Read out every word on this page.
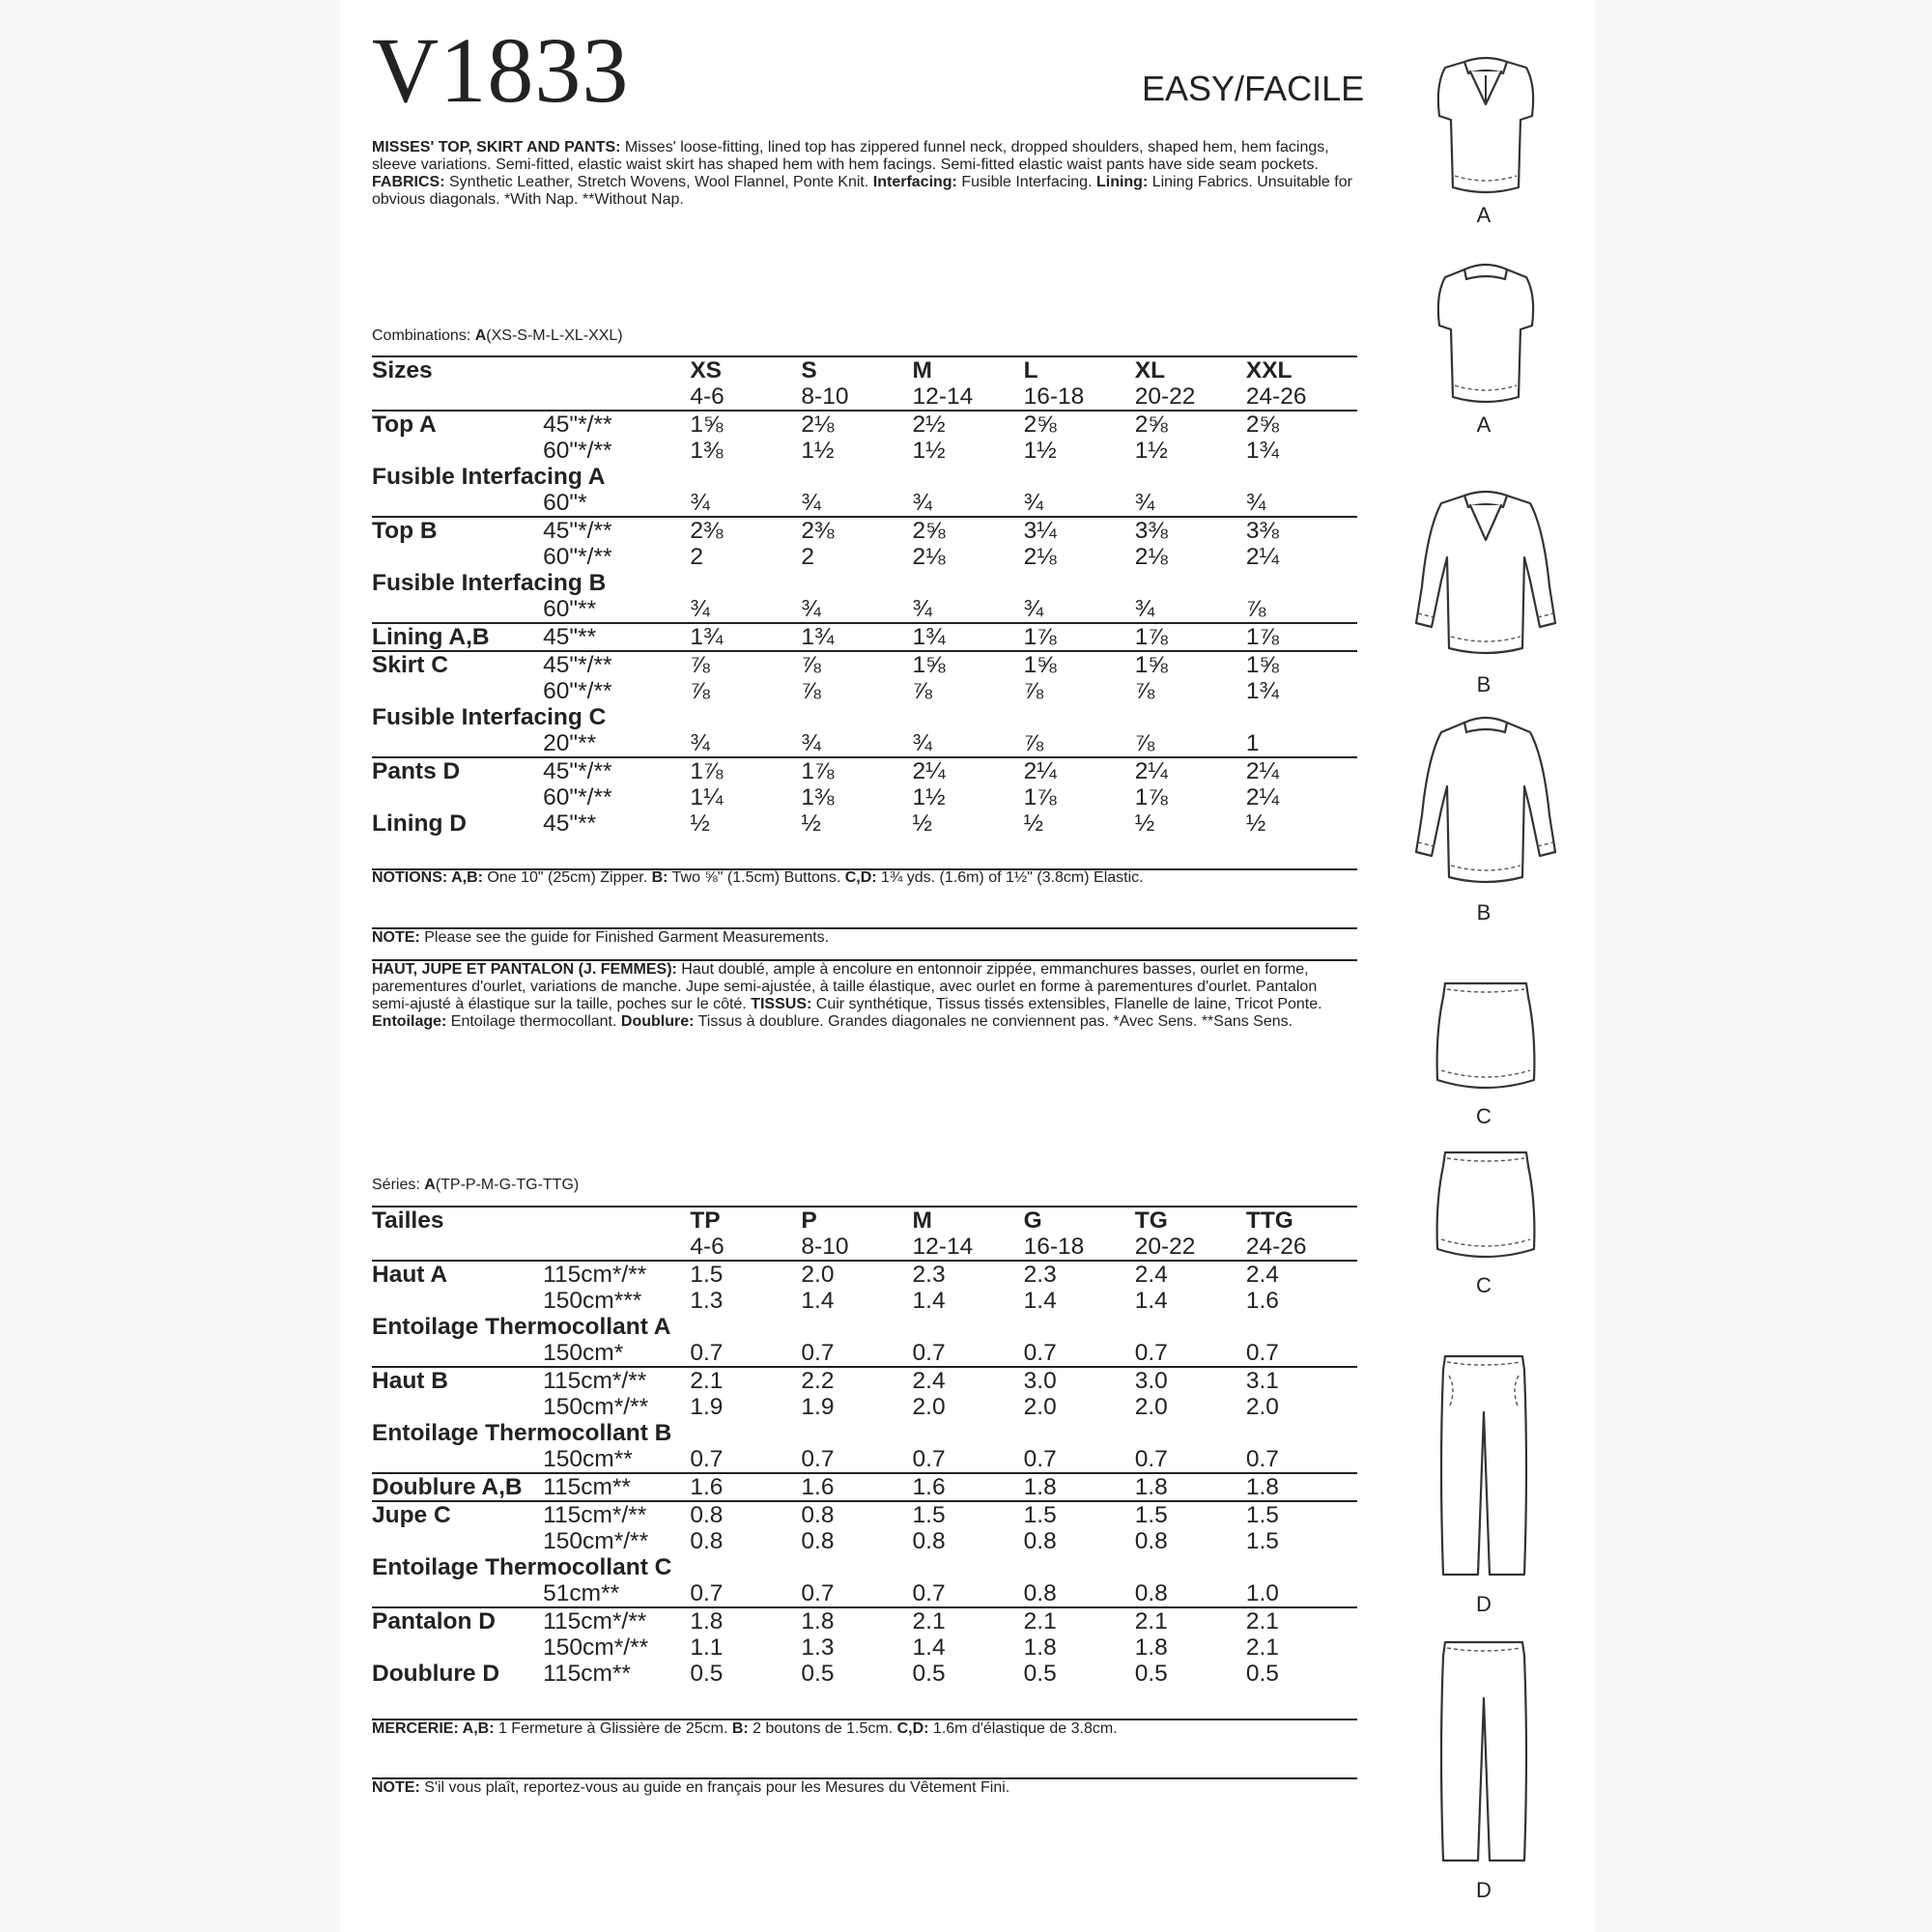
V1833	EASY/FACILE

MISSES' TOP, SKIRT AND PANTS: Misses' loose-fitting, lined top has zippered funnel neck, dropped shoulders, shaped hem, hem facings, sleeve variations. Semi-fitted, elastic waist skirt has shaped hem with hem facings. Semi-fitted elastic waist pants have side seam pockets. FABRICS: Synthetic Leather, Stretch Wovens, Wool Flannel, Ponte Knit. Interfacing: Fusible Interfacing. Lining: Lining Fabrics. Unsuitable for obvious diagonals. *With Nap. **Without Nap.

Combinations: A(XS-S-M-L-XL-XXL)
Sizes		XS	S	M	L	XL	XXL
		4-6	8-10	12-14	16-18	20-22	24-26
Top A	45"*/**	1⅝	2⅛	2½	2⅝	2⅝	2⅝
	60"*/**	1⅜	1½	1½	1½	1½	1¾
Fusible Interfacing A							
	60"*	¾	¾	¾	¾	¾	¾
Top B	45"*/**	2⅜	2⅜	2⅝	3¼	3⅜	3⅜
	60"*/**	2	2	2⅛	2⅛	2⅛	2¼
Fusible Interfacing B							
	60"**	¾	¾	¾	¾	¾	⅞
Lining A,B	45"**	1¾	1¾	1¾	1⅞	1⅞	1⅞
Skirt C	45"*/**	⅞	⅞	1⅝	1⅝	1⅝	1⅝
	60"*/**	⅞	⅞	⅞	⅞	⅞	1¾
Fusible Interfacing C							
	20"**	¾	¾	¾	⅞	⅞	1
Pants D	45"*/**	1⅞	1⅞	2¼	2¼	2¼	2¼
	60"*/**	1¼	1⅜	1½	1⅞	1⅞	2¼
Lining D	45"**	½	½	½	½	½	½

NOTIONS: A,B: One 10" (25cm) Zipper. B: Two ⅝" (1.5cm) Buttons. C,D: 1¾ yds. (1.6m) of 1½" (3.8cm) Elastic.

NOTE: Please see the guide for Finished Garment Measurements.

HAUT, JUPE ET PANTALON (J. FEMMES): Haut doublé, ample à encolure en entonnoir zippée, emmanchures basses, ourlet en forme, parementures d'ourlet, variations de manche. Jupe semi-ajustée, à taille élastique, avec ourlet en forme à parementures d'ourlet. Pantalon semi-ajusté à élastique sur la taille, poches sur le côté. TISSUS: Cuir synthétique, Tissus tissés extensibles, Flanelle de laine, Tricot Ponte. Entoilage: Entoilage thermocollant. Doublure: Tissus à doublure. Grandes diagonales ne conviennent pas. *Avec Sens. **Sans Sens.

Séries: A(TP-P-M-G-TG-TTG)
Tailles		TP	P	M	G	TG	TTG
		4-6	8-10	12-14	16-18	20-22	24-26
Haut A	115cm*/**	1.5	2.0	2.3	2.3	2.4	2.4
	150cm***	1.3	1.4	1.4	1.4	1.4	1.6
Entoilage Thermocollant A							
	150cm*	0.7	0.7	0.7	0.7	0.7	0.7
Haut B	115cm*/**	2.1	2.2	2.4	3.0	3.0	3.1
	150cm*/**	1.9	1.9	2.0	2.0	2.0	2.0
Entoilage Thermocollant B							
	150cm**	0.7	0.7	0.7	0.7	0.7	0.7
Doublure A,B	115cm**	1.6	1.6	1.6	1.8	1.8	1.8
Jupe C	115cm*/**	0.8	0.8	1.5	1.5	1.5	1.5
	150cm*/**	0.8	0.8	0.8	0.8	0.8	1.5
Entoilage Thermocollant C							
	51cm**	0.7	0.7	0.7	0.8	0.8	1.0
Pantalon D	115cm*/**	1.8	1.8	2.1	2.1	2.1	2.1
	150cm*/**	1.1	1.3	1.4	1.8	1.8	2.1
Doublure D	115cm**	0.5	0.5	0.5	0.5	0.5	0.5

MERCERIE: A,B: 1 Fermeture à Glissière de 25cm. B: 2 boutons de 1.5cm. C,D: 1.6m d'élastique de 3.8cm.

NOTE: S'il vous plaît, reportez-vous au guide en français pour les Mesures du Vêtement Fini.

A
A
B
B
C
C
D
D
